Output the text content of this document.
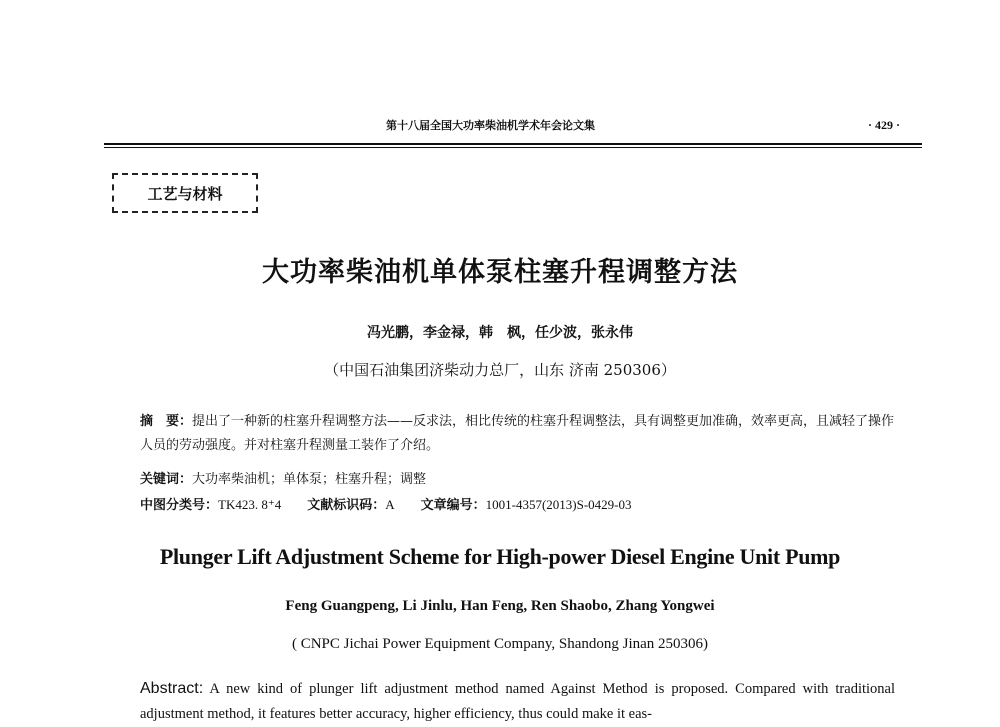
第十八届全国大功率柴油机学术年会论文集	· 429 ·
工艺与材料
大功率柴油机单体泵柱塞升程调整方法
冯光鹏，李金禄，韩　枫，任少波，张永伟
（中国石油集团济柴动力总厂，山东 济南 250306）
摘　要：提出了一种新的柱塞升程调整方法——反求法，相比传统的柱塞升程调整法，具有调整更加准确，效率更高，且减轻了操作人员的劳动强度。并对柱塞升程测量工装作了介绍。
关键词：大功率柴油机；单体泵；柱塞升程；调整
中图分类号：TK423. 8⁺4 文献标识码：A 文章编号：1001-4357(2013)S-0429-03
Plunger Lift Adjustment Scheme for High-power Diesel Engine Unit Pump
Feng Guangpeng, Li Jinlu, Han Feng, Ren Shaobo, Zhang Yongwei
( CNPC Jichai Power Equipment Company, Shandong Jinan 250306)
Abstract: A new kind of plunger lift adjustment method named Against Method is proposed. Compared with traditional adjustment method, it features better accuracy, higher efficiency, thus could make it eas-
